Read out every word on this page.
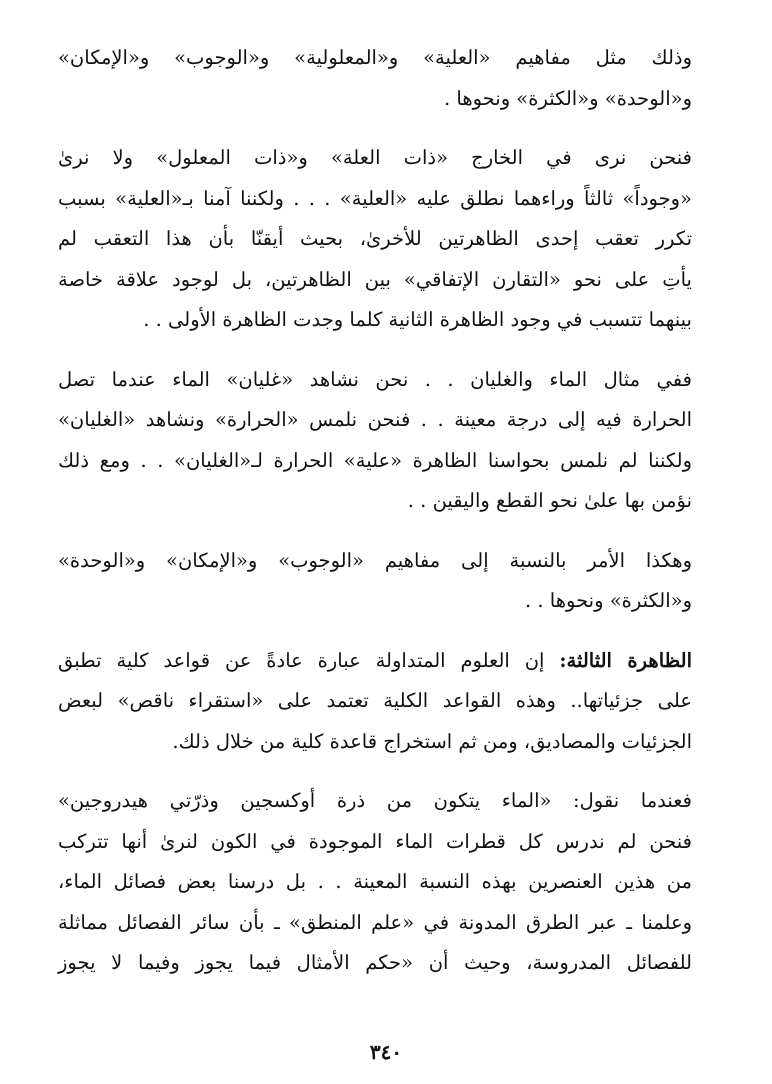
وذلك مثل مفاهيم «العلية» و«المعلولية» و«الوجوب» و«الإمكان»
و«الوحدة» و«الكثرة» ونحوها .

فنحن نرى في الخارج «ذات العلة» و«ذات المعلول» ولا نرىٰ
«وجوداً» ثالثاً وراءهما نطلق عليه «العلية» . . . ولكننا آمنا بـ«العلية» بسبب
تكرر تعقب إحدى الظاهرتين للأخرىٰ، بحيث أيقنّا بأن هذا التعقب لم
يأتِ على نحو «التقارن الإتفاقي» بين الظاهرتين، بل لوجود علاقة خاصة
بينهما تتسبب في وجود الظاهرة الثانية كلما وجدت الظاهرة الأولى . .

ففي مثال الماء والغليان . . نحن نشاهد «غليان» الماء عندما تصل
الحرارة فيه إلى درجة معينة . . فنحن نلمس «الحرارة» ونشاهد «الغليان»
ولكننا لم نلمس بحواسنا الظاهرة «علية» الحرارة لـ«الغليان» . . ومع ذلك
نؤمن بها علىٰ نحو القطع واليقين . .

وهكذا الأمر بالنسبة إلى مفاهيم «الوجوب» و«الإمكان» و«الوحدة»
و«الكثرة» ونحوها . .

الظاهرة الثالثة: إن العلوم المتداولة عبارة عادةً عن قواعد كلية تطبق
على جزئياتها.. وهذه القواعد الكلية تعتمد على «استقراء ناقص» لبعض
الجزئيات والمصاديق، ومن ثم استخراج قاعدة كلية من خلال ذلك.

فعندما نقول: «الماء يتكون من ذرة أوكسجين وذرّتي هيدروجين»
فنحن لم ندرس كل قطرات الماء الموجودة في الكون لنرىٰ أنها تتركب
من هذين العنصرين بهذه النسبة المعينة . . بل درسنا بعض فصائل الماء،
وعلمنا ـ عبر الطرق المدونة في «علم المنطق» ـ بأن سائر الفصائل مماثلة
للفصائل المدروسة، وحيث أن «حكم الأمثال فيما يجوز وفيما لا يجوز

٣٤٠
